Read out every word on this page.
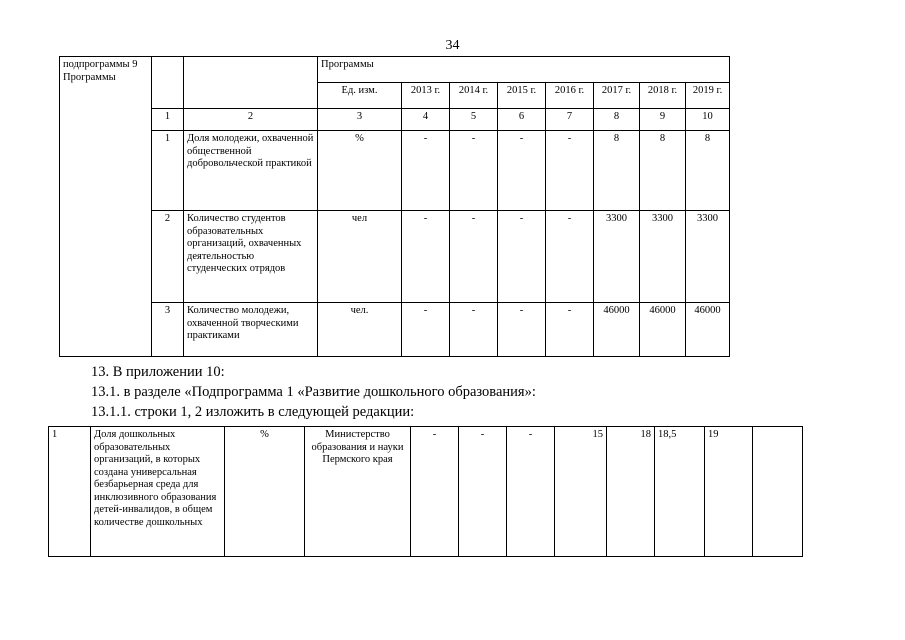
34
подпрограммы 9 Программы			Программы							
			Ед. изм.	2013 г.	2014 г.	2015 г.	2016 г.	2017 г.	2018 г.	2019 г.
	1	2	3	4	5	6	7	8	9	10
	1	Доля молодежи, охваченной общественной добровольческой практикой	%	-	-	-	-	8	8	8
	2	Количество студентов образовательных организаций, охваченных деятельностью студенческих отрядов	чел	-	-	-	-	3300	3300	3300
	3	Количество молодежи, охваченной творческими практиками	чел.	-	-	-	-	46000	46000	46000
13. В приложении 10:
13.1. в разделе «Подпрограмма 1 «Развитие дошкольного образования»:
13.1.1. строки 1, 2 изложить в следующей редакции:
1	Доля дошкольных образовательных организаций, в которых создана универсальная безбарьерная среда для инклюзивного образования детей-инвалидов, в общем количестве дошкольных	%	Министерство образования и науки Пермского края	-	-	-	15	18	18,5	19	
